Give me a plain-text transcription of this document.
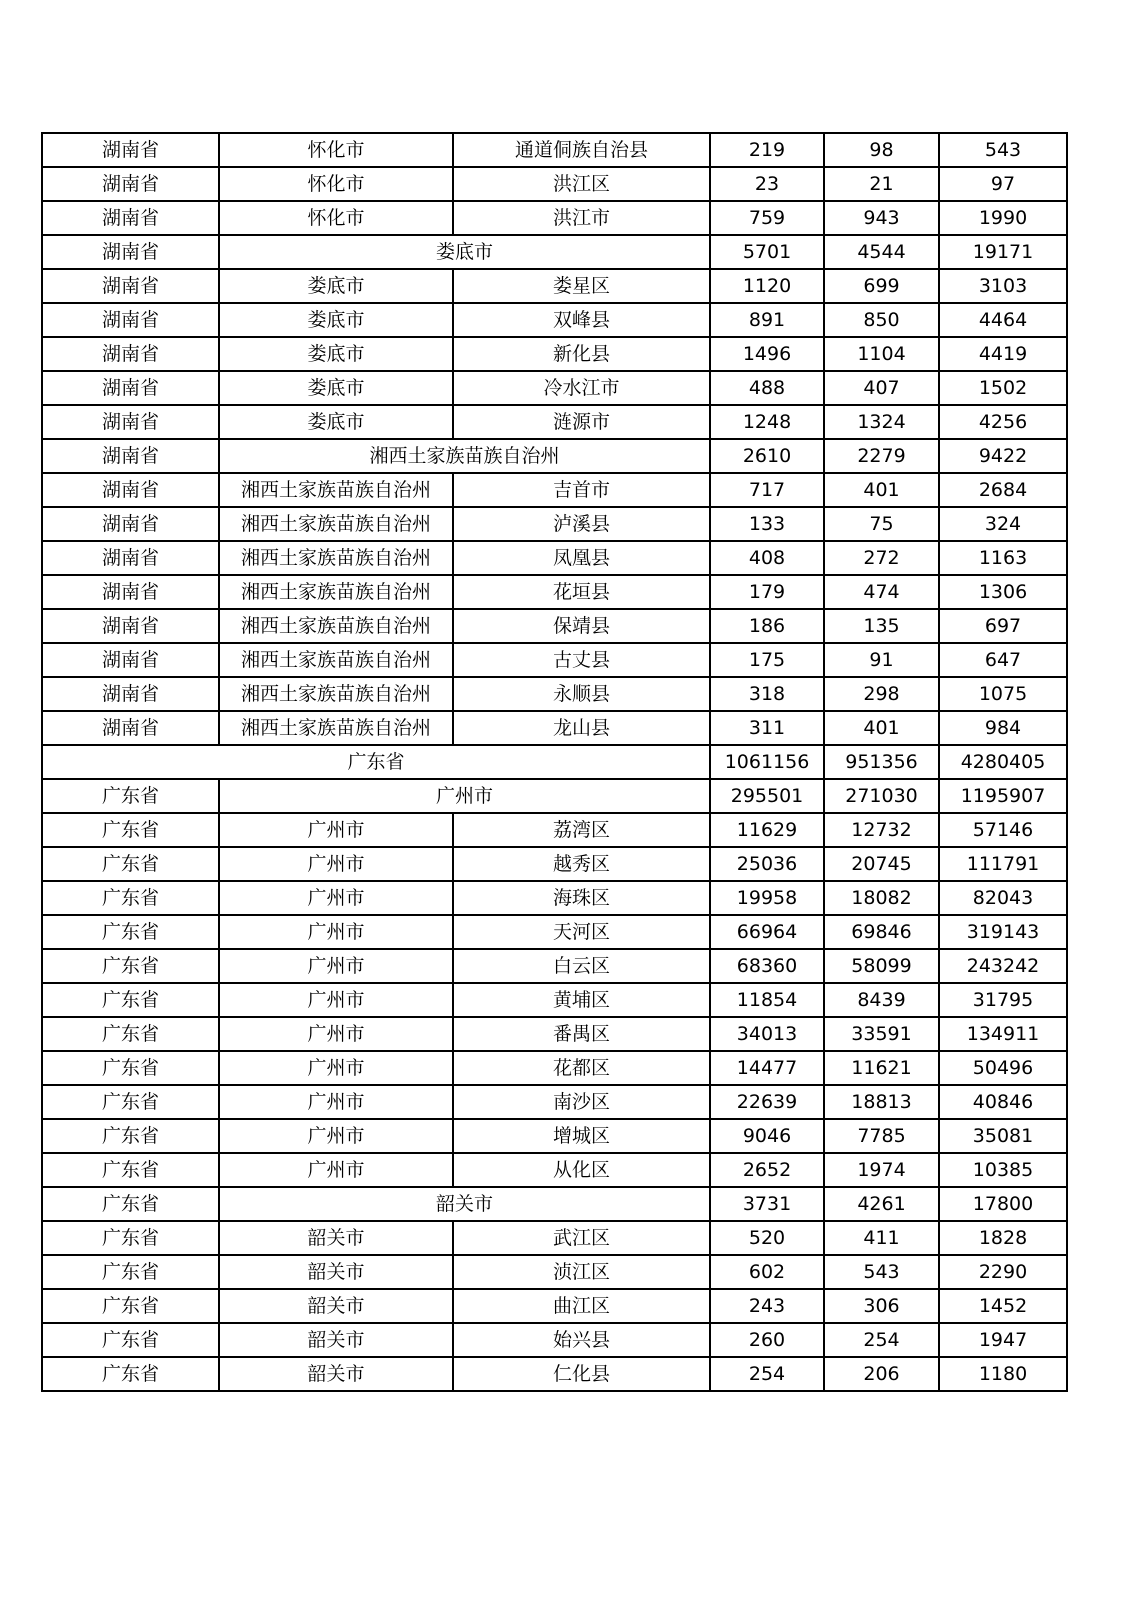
湖南省	怀化市	通道侗族自治县	219	98	543
湖南省	怀化市	洪江区	23	21	97
湖南省	怀化市	洪江市	759	943	1990
湖南省	娄底市		5701	4544	19171
湖南省	娄底市	娄星区	1120	699	3103
湖南省	娄底市	双峰县	891	850	4464
湖南省	娄底市	新化县	1496	1104	4419
湖南省	娄底市	冷水江市	488	407	1502
湖南省	娄底市	涟源市	1248	1324	4256
湖南省	湘西土家族苗族自治州		2610	2279	9422
湖南省	湘西土家族苗族自治州	吉首市	717	401	2684
湖南省	湘西土家族苗族自治州	泸溪县	133	75	324
湖南省	湘西土家族苗族自治州	凤凰县	408	272	1163
湖南省	湘西土家族苗族自治州	花垣县	179	474	1306
湖南省	湘西土家族苗族自治州	保靖县	186	135	697
湖南省	湘西土家族苗族自治州	古丈县	175	91	647
湖南省	湘西土家族苗族自治州	永顺县	318	298	1075
湖南省	湘西土家族苗族自治州	龙山县	311	401	984
广东省			1061156	951356	4280405
广东省	广州市		295501	271030	1195907
广东省	广州市	荔湾区	11629	12732	57146
广东省	广州市	越秀区	25036	20745	111791
广东省	广州市	海珠区	19958	18082	82043
广东省	广州市	天河区	66964	69846	319143
广东省	广州市	白云区	68360	58099	243242
广东省	广州市	黄埔区	11854	8439	31795
广东省	广州市	番禺区	34013	33591	134911
广东省	广州市	花都区	14477	11621	50496
广东省	广州市	南沙区	22639	18813	40846
广东省	广州市	增城区	9046	7785	35081
广东省	广州市	从化区	2652	1974	10385
广东省	韶关市		3731	4261	17800
广东省	韶关市	武江区	520	411	1828
广东省	韶关市	浈江区	602	543	2290
广东省	韶关市	曲江区	243	306	1452
广东省	韶关市	始兴县	260	254	1947
广东省	韶关市	仁化县	254	206	1180
